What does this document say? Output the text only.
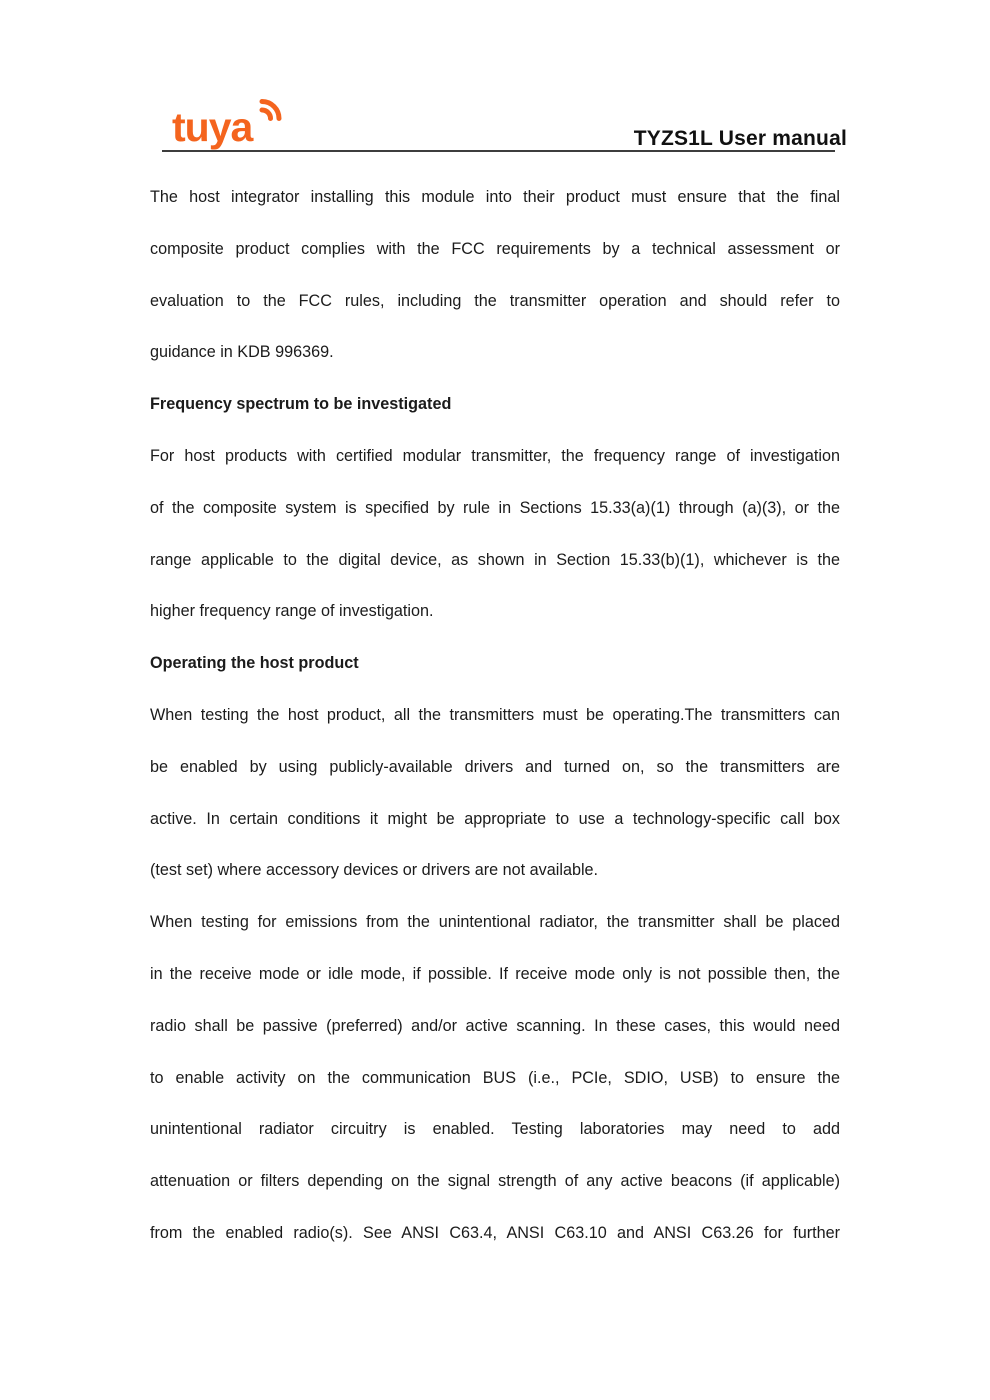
tuya	TYZS1L User manual

The host integrator installing this module into their product must ensure that the final
composite product complies with the FCC requirements by a technical assessment or
evaluation to the FCC rules, including the transmitter operation and should refer to
guidance in KDB 996369.

Frequency spectrum to be investigated

For host products with certified modular transmitter, the frequency range of investigation
of the composite system is specified by rule in Sections 15.33(a)(1) through (a)(3), or the
range applicable to the digital device, as shown in Section 15.33(b)(1), whichever is the
higher frequency range of investigation.

Operating the host product

When testing the host product, all the transmitters must be operating.The transmitters can
be enabled by using publicly-available drivers and turned on, so the transmitters are
active. In certain conditions it might be appropriate to use a technology-specific call box
(test set) where accessory devices or drivers are not available.

When testing for emissions from the unintentional radiator, the transmitter shall be placed
in the receive mode or idle mode, if possible. If receive mode only is not possible then, the
radio shall be passive (preferred) and/or active scanning. In these cases, this would need
to enable activity on the communication BUS (i.e., PCIe, SDIO, USB) to ensure the
unintentional radiator circuitry is enabled. Testing laboratories may need to add
attenuation or filters depending on the signal strength of any active beacons (if applicable)
from the enabled radio(s). See ANSI C63.4, ANSI C63.10 and ANSI C63.26 for further
